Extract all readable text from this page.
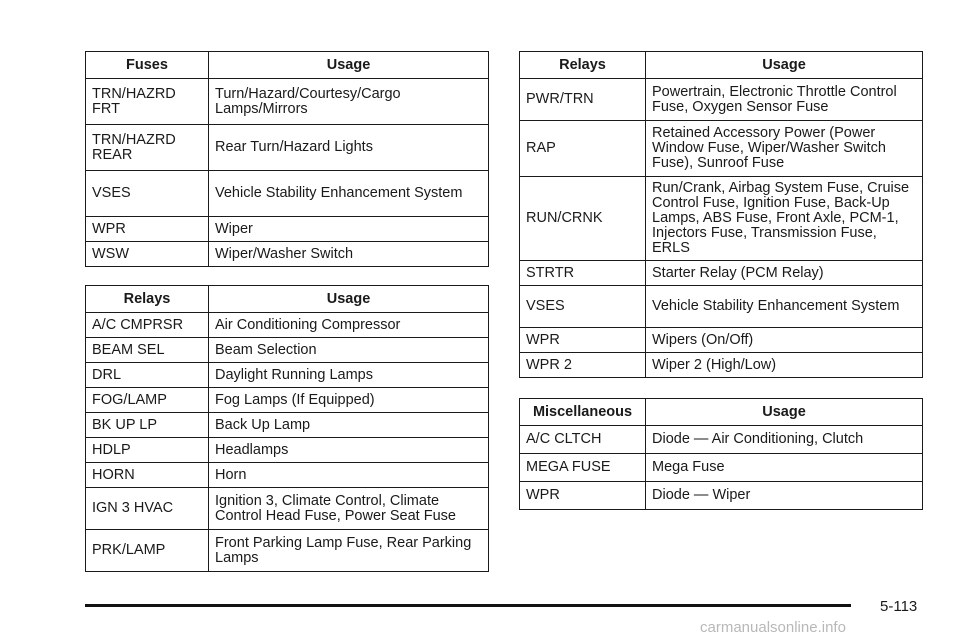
Fuses	Usage
TRN/HAZRD FRT	Turn/Hazard/Courtesy/Cargo Lamps/Mirrors
TRN/HAZRD REAR	Rear Turn/Hazard Lights
VSES	Vehicle Stability Enhancement System
WPR	Wiper
WSW	Wiper/Washer Switch
Relays	Usage
A/C CMPRSR	Air Conditioning Compressor
BEAM SEL	Beam Selection
DRL	Daylight Running Lamps
FOG/LAMP	Fog Lamps (If Equipped)
BK UP LP	Back Up Lamp
HDLP	Headlamps
HORN	Horn
IGN 3 HVAC	Ignition 3, Climate Control, Climate Control Head Fuse, Power Seat Fuse
PRK/LAMP	Front Parking Lamp Fuse, Rear Parking Lamps
Relays	Usage
PWR/TRN	Powertrain, Electronic Throttle Control Fuse, Oxygen Sensor Fuse
RAP	Retained Accessory Power (Power Window Fuse, Wiper/Washer Switch Fuse), Sunroof Fuse
RUN/CRNK	Run/Crank, Airbag System Fuse, Cruise Control Fuse, Ignition Fuse, Back-Up Lamps, ABS Fuse, Front Axle, PCM-1, Injectors Fuse, Transmission Fuse, ERLS
STRTR	Starter Relay (PCM Relay)
VSES	Vehicle Stability Enhancement System
WPR	Wipers (On/Off)
WPR 2	Wiper 2 (High/Low)
Miscellaneous	Usage
A/C CLTCH	Diode — Air Conditioning, Clutch
MEGA FUSE	Mega Fuse
WPR	Diode — Wiper
5-113
carmanualsonline.info
